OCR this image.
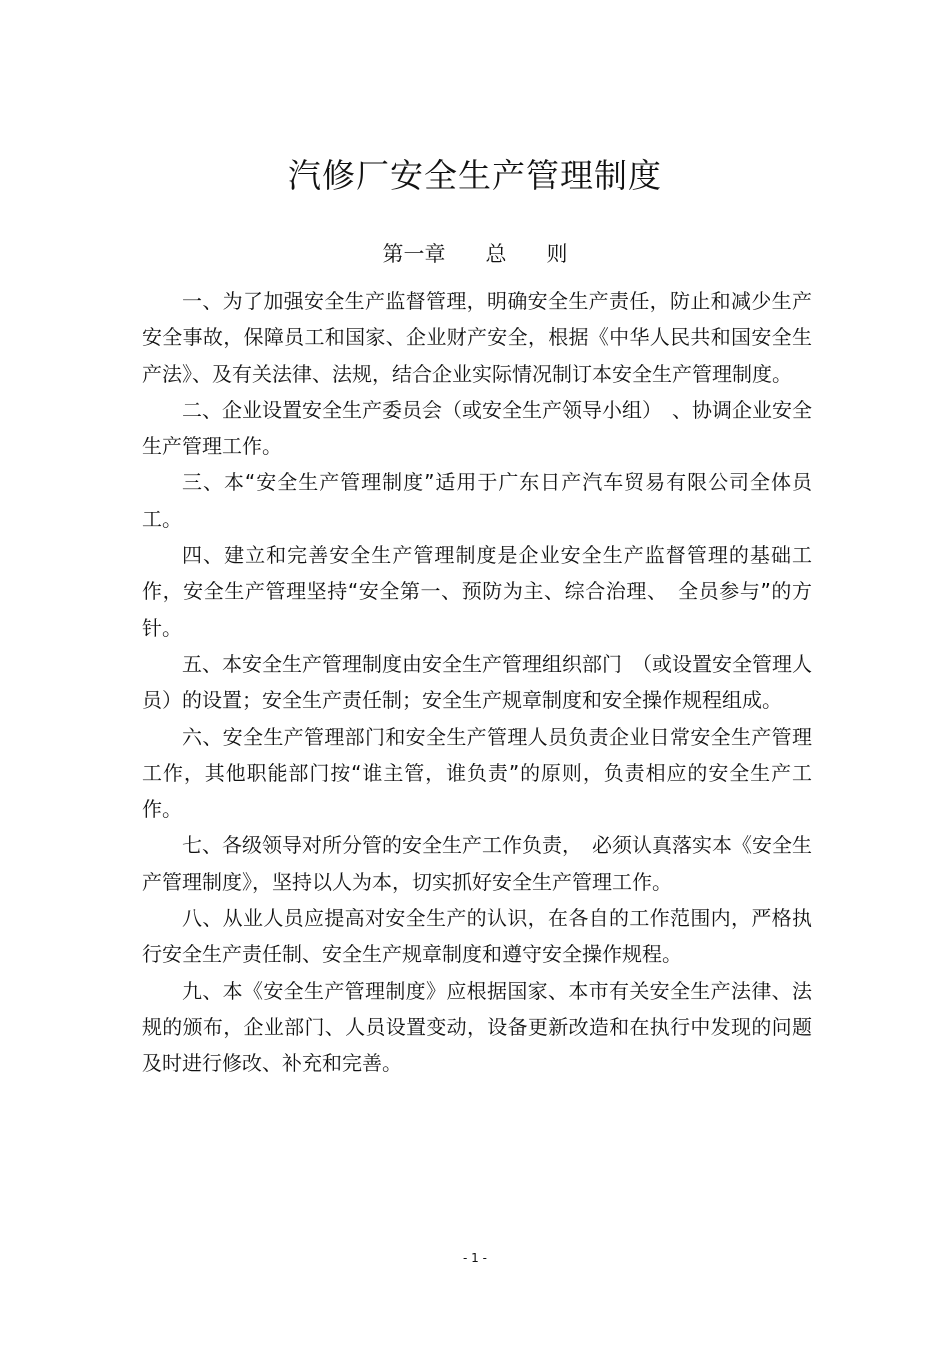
汽修厂安全生产管理制度
第一章 总 则

一、为了加强安全生产监督管理，明确安全生产责任，防止和减少生产安全事故，保障员工和国家、企业财产安全，根据《中华人民共和国安全生产法》、及有关法律、法规，结合企业实际情况制订本安全生产管理制度。

二、企业设置安全生产委员会（或安全生产领导小组）　、协调企业安全生产管理工作。

三、本“安全生产管理制度”适用于广东日产汽车贸易有限公司全体员工。

四、建立和完善安全生产管理制度是企业安全生产监督管理的基础工作，安全生产管理坚持“安全第一、预防为主、综合治理、　全员参与”的方针。

五、本安全生产管理制度由安全生产管理组织部门　（或设置安全管理人员）的设置；安全生产责任制；安全生产规章制度和安全操作规程组成。

六、安全生产管理部门和安全生产管理人员负责企业日常安全生产管理工作，其他职能部门按“谁主管，谁负责”的原则，负责相应的安全生产工作。

七、各级领导对所分管的安全生产工作负责，　必须认真落实本《安全生产管理制度》，坚持以人为本，切实抓好安全生产管理工作。

八、从业人员应提高对安全生产的认识，在各自的工作范围内，严格执行安全生产责任制、安全生产规章制度和遵守安全操作规程。

九、本《安全生产管理制度》应根据国家、本市有关安全生产法律、法规的颁布，企业部门、人员设置变动，设备更新改造和在执行中发现的问题及时进行修改、补充和完善。

- 1 -
